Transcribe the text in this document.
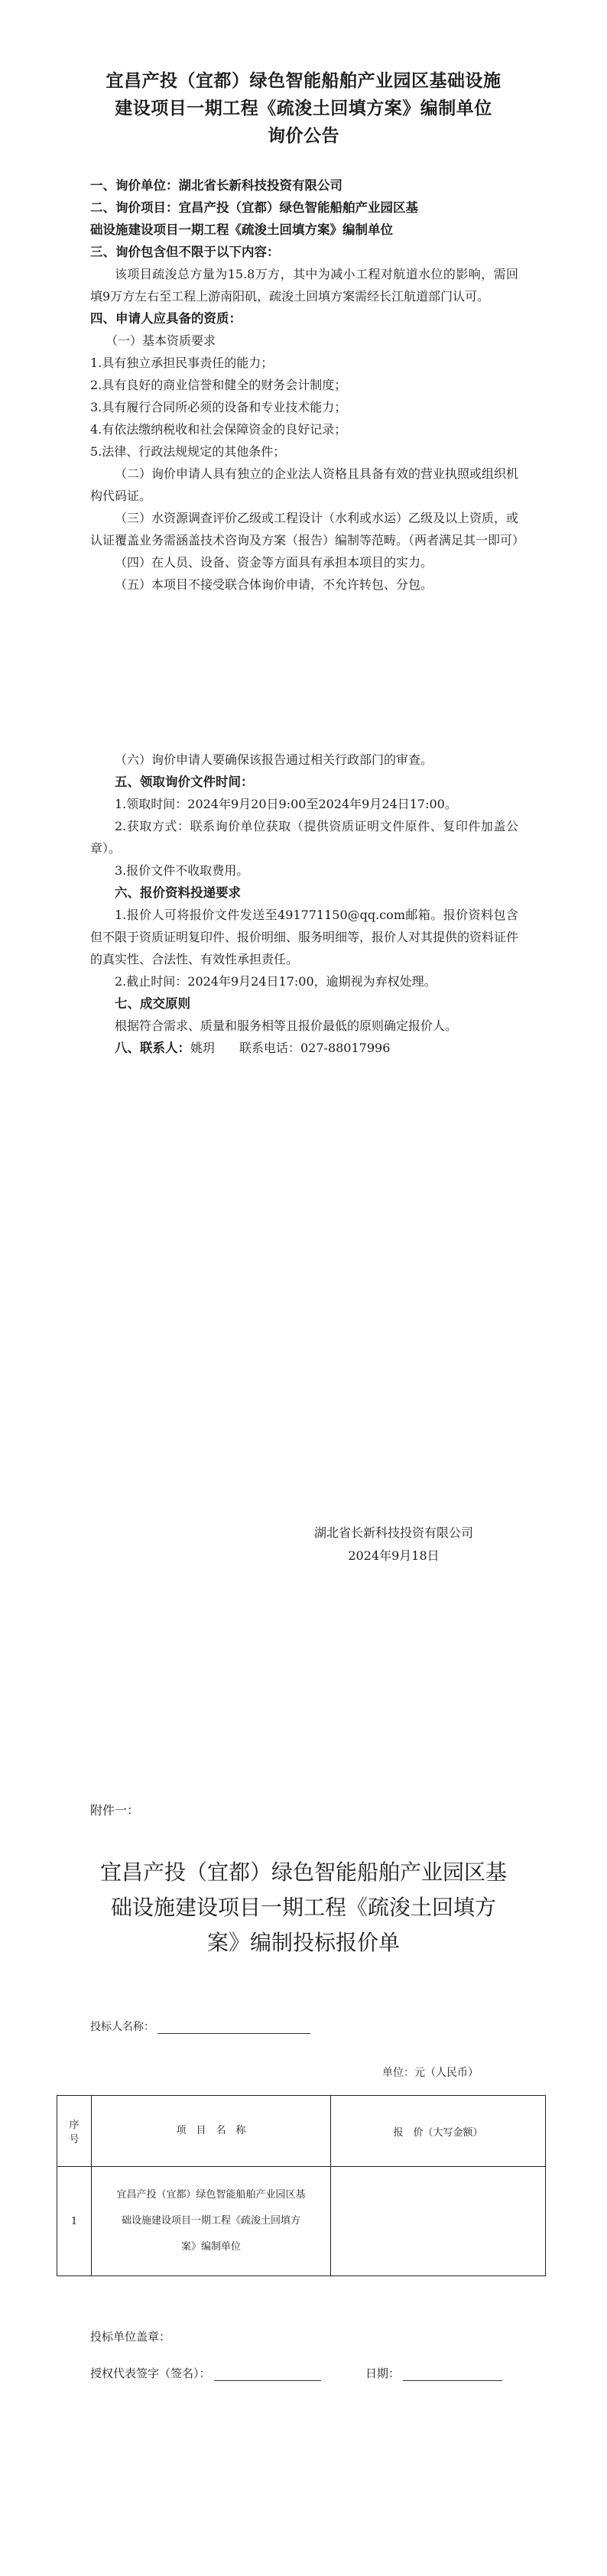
宜昌产投（宜都）绿色智能船舶产业园区基础设施
建设项目一期工程《疏浚土回填方案》编制单位
询价公告
一、询价单位：湖北省长新科技投资有限公司
二、询价项目：宜昌产投（宜都）绿色智能船舶产业园区基
础设施建设项目一期工程《疏浚土回填方案》编制单位
三、询价包含但不限于以下内容：
该项目疏浚总方量为15.8万方，其中为减小工程对航道水位的影响，需回填9万方左右至工程上游南阳矶，疏浚土回填方案需经长江航道部门认可。
四、申请人应具备的资质：
（一）基本资质要求
1.具有独立承担民事责任的能力；
2.具有良好的商业信誉和健全的财务会计制度；
3.具有履行合同所必须的设备和专业技术能力；
4.有依法缴纳税收和社会保障资金的良好记录；
5.法律、行政法规规定的其他条件；
（二）询价申请人具有独立的企业法人资格且具备有效的营业执照或组织机构代码证。
（三）水资源调查评价乙级或工程设计（水利或水运）乙级及以上资质，或认证覆盖业务需涵盖技术咨询及方案（报告）编制等范畴。（两者满足其一即可）
（四）在人员、设备、资金等方面具有承担本项目的实力。
（五）本项目不接受联合体询价申请，不允许转包、分包。
（六）询价申请人要确保该报告通过相关行政部门的审查。
五、领取询价文件时间：
1.领取时间：2024年9月20日9:00至2024年9月24日17:00。
2.获取方式：联系询价单位获取（提供资质证明文件原件、复印件加盖公章）。
3.报价文件不收取费用。
六、报价资料投递要求
1.报价人可将报价文件发送至491771150@qq.com邮箱。报价资料包含但不限于资质证明复印件、报价明细、服务明细等，报价人对其提供的资料证件的真实性、合法性、有效性承担责任。
2.截止时间：2024年9月24日17:00，逾期视为弃权处理。
七、成交原则
根据符合需求、质量和服务相等且报价最低的原则确定报价人。
八、联系人：姚玥　　联系电话：027-88017996
湖北省长新科技投资有限公司
2024年9月18日
附件一：
宜昌产投（宜都）绿色智能船舶产业园区基
础设施建设项目一期工程《疏浚土回填方
案》编制投标报价单
投标人名称：
单位：元（人民币）
序
号	项　目　名　称	报　价（大写金额）
1	宜昌产投（宜都）绿色智能船舶产业园区基
础设施建设项目一期工程《疏浚土回填方
案》编制单位	

投标单位盖章：
授权代表签字（签名）：	日期：
